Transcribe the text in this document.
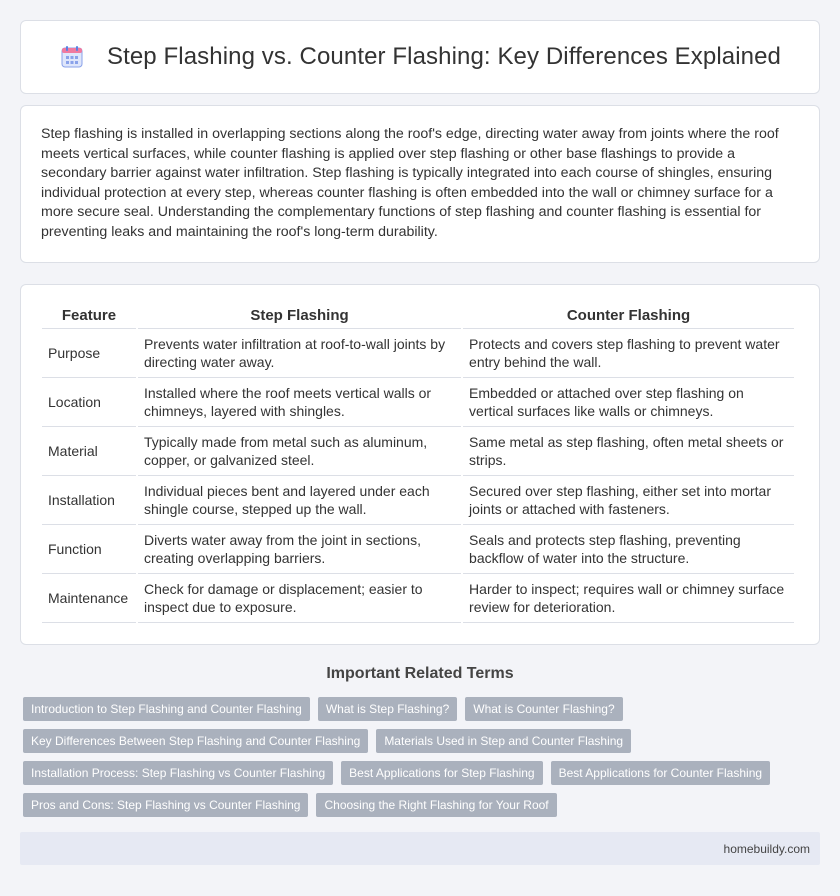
Step Flashing vs. Counter Flashing: Key Differences Explained

Step flashing is installed in overlapping sections along the roof's edge, directing water away from joints where the roof meets vertical surfaces, while counter flashing is applied over step flashing or other base flashings to provide a secondary barrier against water infiltration. Step flashing is typically integrated into each course of shingles, ensuring individual protection at every step, whereas counter flashing is often embedded into the wall or chimney surface for a more secure seal. Understanding the complementary functions of step flashing and counter flashing is essential for preventing leaks and maintaining the roof's long-term durability.

Feature	Step Flashing	Counter Flashing
Purpose	Prevents water infiltration at roof-to-wall joints by directing water away.	Protects and covers step flashing to prevent water entry behind the wall.
Location	Installed where the roof meets vertical walls or chimneys, layered with shingles.	Embedded or attached over step flashing on vertical surfaces like walls or chimneys.
Material	Typically made from metal such as aluminum, copper, or galvanized steel.	Same metal as step flashing, often metal sheets or strips.
Installation	Individual pieces bent and layered under each shingle course, stepped up the wall.	Secured over step flashing, either set into mortar joints or attached with fasteners.
Function	Diverts water away from the joint in sections, creating overlapping barriers.	Seals and protects step flashing, preventing backflow of water into the structure.
Maintenance	Check for damage or displacement; easier to inspect due to exposure.	Harder to inspect; requires wall or chimney surface review for deterioration.
Important Related Terms
Introduction to Step Flashing and Counter Flashing	What is Step Flashing?	What is Counter Flashing?
Key Differences Between Step Flashing and Counter Flashing	Materials Used in Step and Counter Flashing
Installation Process: Step Flashing vs Counter Flashing	Best Applications for Step Flashing	Best Applications for Counter Flashing
Pros and Cons: Step Flashing vs Counter Flashing	Choosing the Right Flashing for Your Roof
homebuildy.com
